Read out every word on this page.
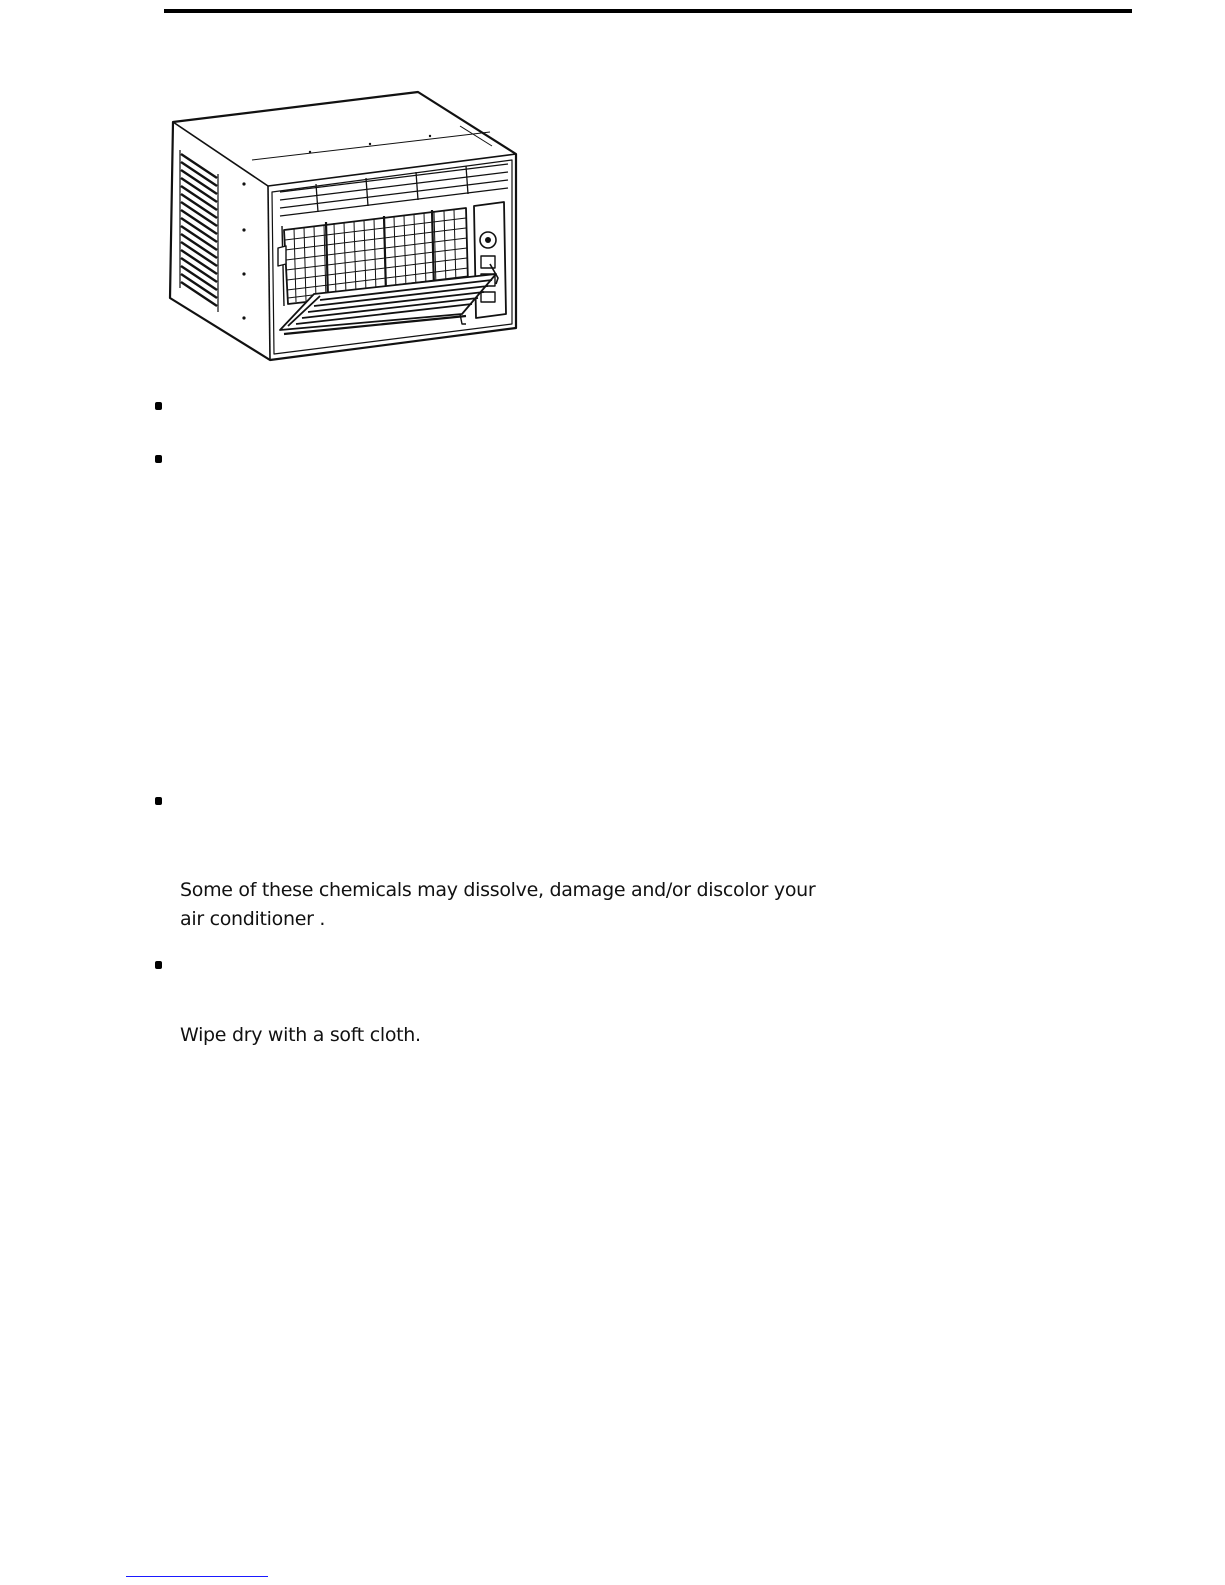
Some of these chemicals may dissolve, damage and/or discolor your
air conditioner .
Wipe dry with a soft cloth.
